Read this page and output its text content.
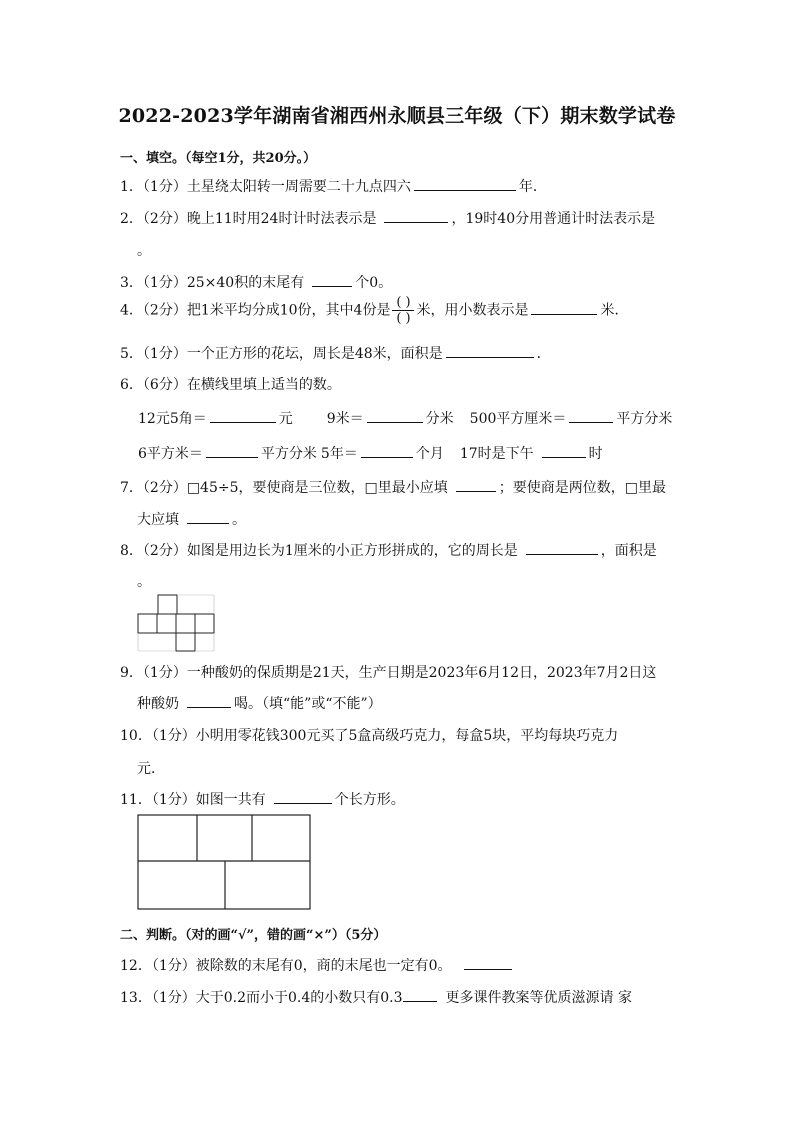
2022-2023学年湖南省湘西州永顺县三年级（下）期末数学试卷
一、填空。（每空1分，共20分。）
1．（1分）土星绕太阳转一周需要二十九点四六	年．
2．（2分）晚上11时用24时计时法表示是	，19时40分用普通计时法表示是
。
3．（1分）25×40积的末尾有	个0。
4．（2分）把1米平均分成10份，其中4份是 $\frac{( )}{( )}$ 米，用小数表示是	米．
5．（1分）一个正方形的花坛，周长是48米，面积是	．
6．（6分）在横线里填上适当的数。
12元5角＝	元 9米＝	分米 500平方厘米＝	平方分米
6平方米＝	平方分米 5年＝	个月 17时是下午	时
7．（2分）□45÷5，要使商是三位数，□里最小应填	；要使商是两位数，□里最
大应填	。
8．（2分）如图是用边长为1厘米的小正方形拼成的，它的周长是	，面积是
。
9．（1分）一种酸奶的保质期是21天，生产日期是2023年6月12日，2023年7月2日这
种酸奶	喝。（填“能”或“不能”）
10．（1分）小明用零花钱300元买了5盒高级巧克力，每盒5块，平均每块巧克力
元．
11．（1分）如图一共有	个长方形。
二、判断。（对的画“√”，错的画“×”）（5分）
12．（1分）被除数的末尾有0，商的末尾也一定有0。
13．（1分）大于0.2而小于0.4的小数只有0.3	更多课件教案等优质滋源请 家
